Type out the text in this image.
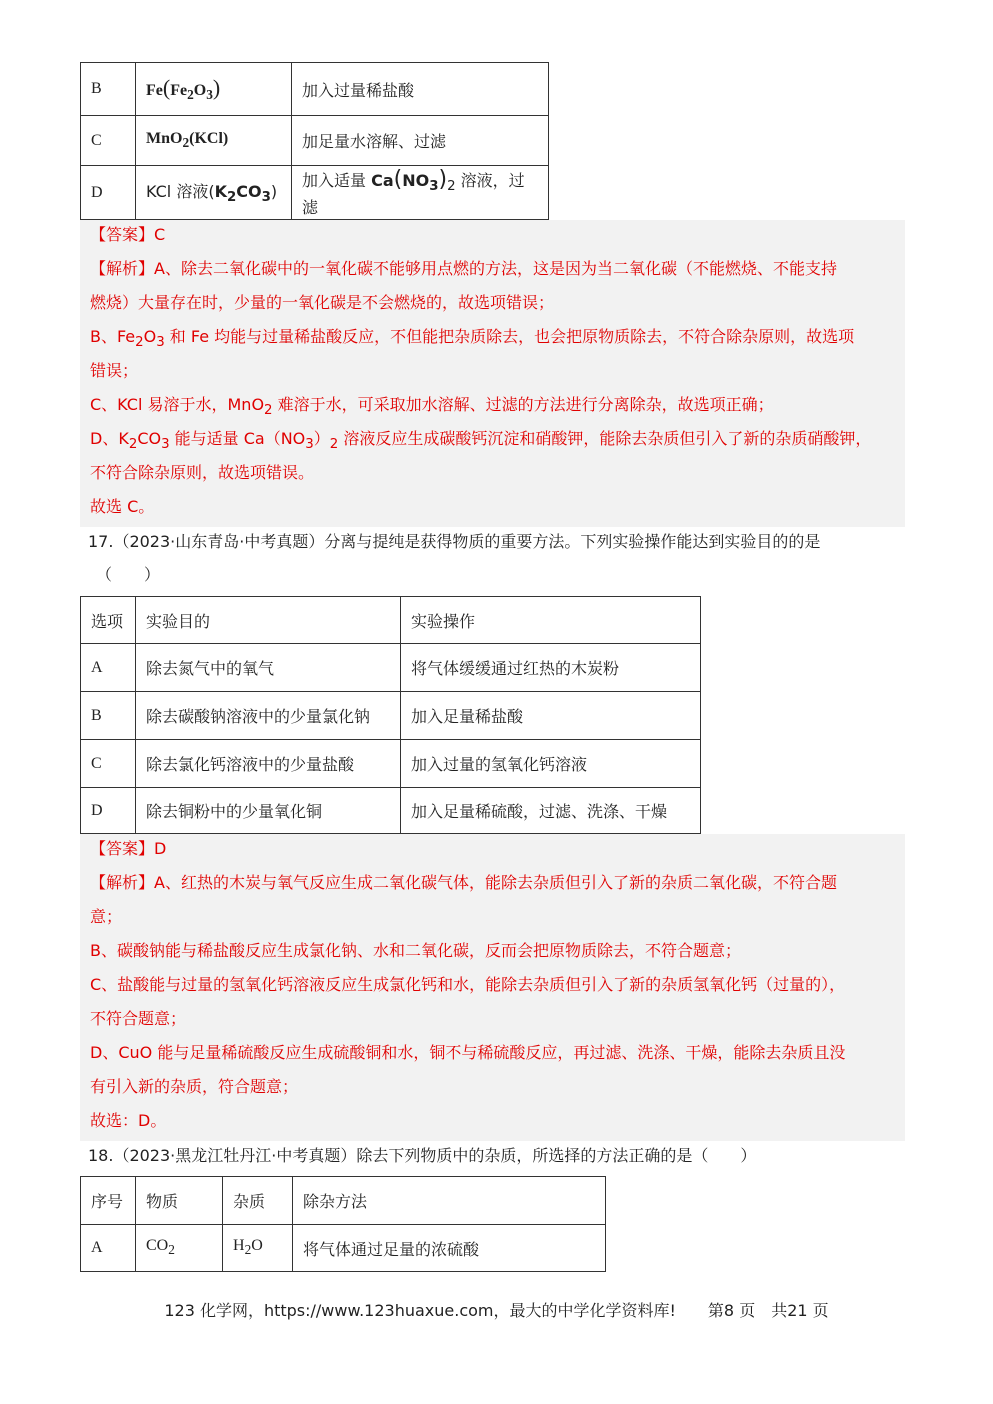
B	$Fe(Fe_2O_3)$	加入过量稀盐酸
C	MnO$_2$(KCl)	加足量水溶解、过滤
D	KCl 溶液$(K_2CO_3)$	加入适量 $Ca(NO_3)_2$ 溶液，过滤
【答案】C
【解析】A、除去二氧化碳中的一氧化碳不能够用点燃的方法，这是因为当二氧化碳（不能燃烧、不能支持
燃烧）大量存在时，少量的一氧化碳是不会燃烧的，故选项错误；
B、$Fe_2O_3$ 和 Fe 均能与过量稀盐酸反应，不但能把杂质除去，也会把原物质除去，不符合除杂原则，故选项
错误；
C、KCl 易溶于水，MnO$_2$ 难溶于水，可采取加水溶解、过滤的方法进行分离除杂，故选项正确；
D、$K_2CO_3$ 能与适量 $Ca(NO_3)_2$ 溶液反应生成碳酸钙沉淀和硝酸钾，能除去杂质但引入了新的杂质硝酸钾，
不符合除杂原则，故选项错误。
故选 C。
17.（2023·山东青岛·中考真题）分离与提纯是获得物质的重要方法。下列实验操作能达到实验目的的是
（　　）
选项	实验目的	实验操作
A	除去氮气中的氧气	将气体缓缓通过红热的木炭粉
B	除去碳酸钠溶液中的少量氯化钠	加入足量稀盐酸
C	除去氯化钙溶液中的少量盐酸	加入过量的氢氧化钙溶液
D	除去铜粉中的少量氧化铜	加入足量稀硫酸，过滤、洗涤、干燥
【答案】D
【解析】A、红热的木炭与氧气反应生成二氧化碳气体，能除去杂质但引入了新的杂质二氧化碳，不符合题
意；
B、碳酸钠能与稀盐酸反应生成氯化钠、水和二氧化碳，反而会把原物质除去，不符合题意；
C、盐酸能与过量的氢氧化钙溶液反应生成氯化钙和水，能除去杂质但引入了新的杂质氢氧化钙（过量的），
不符合题意；
D、CuO 能与足量稀硫酸反应生成硫酸铜和水，铜不与稀硫酸反应，再过滤、洗涤、干燥，能除去杂质且没
有引入新的杂质，符合题意；
故选：D。
18.（2023·黑龙江牡丹江·中考真题）除去下列物质中的杂质，所选择的方法正确的是（　　）
序号	物质	杂质	除杂方法
A	$CO_2$	$H_2O$	将气体通过足量的浓硫酸
123 化学网，https://www.123huaxue.com，最大的中学化学资料库!　　第8 页　共21 页
